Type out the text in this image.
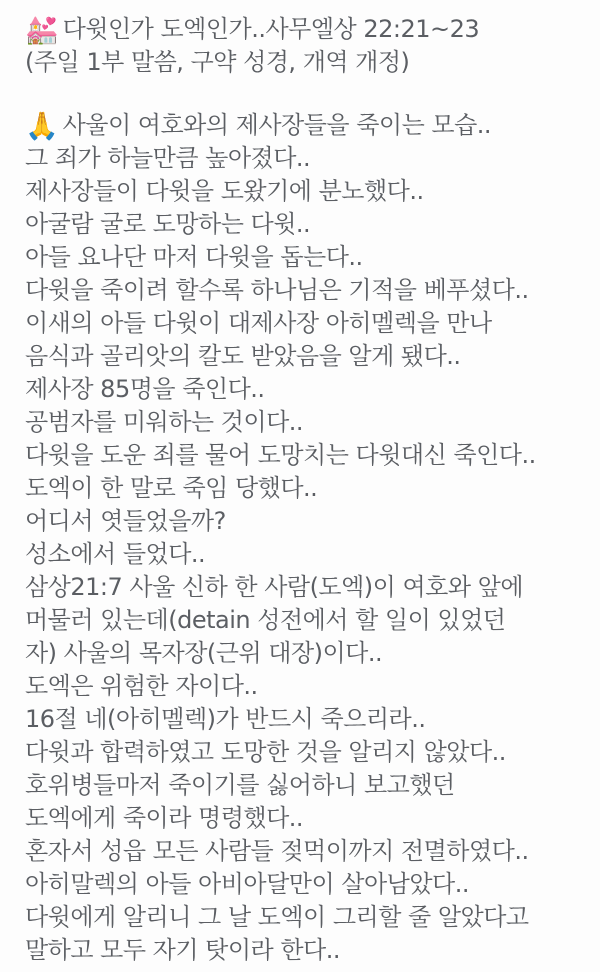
💒 다윗인가 도엑인가..사무엘상 22:21~23
(주일 1부 말씀, 구약 성경, 개역 개정)
🙏 사울이 여호와의 제사장들을 죽이는 모습..
그 죄가 하늘만큼 높아졌다..
제사장들이 다윗을 도왔기에 분노했다..
아굴람 굴로 도망하는 다윗..
아들 요나단 마저 다윗을 돕는다..
다윗을 죽이려 할수록 하나님은 기적을 베푸셨다..
이새의 아들 다윗이 대제사장 아히멜렉을 만나
음식과 골리앗의 칼도 받았음을 알게 됐다..
제사장 85명을 죽인다..
공범자를 미워하는 것이다..
다윗을 도운 죄를 물어 도망치는 다윗대신 죽인다..
도엑이 한 말로 죽임 당했다..
어디서 엿들었을까?
성소에서 들었다..
삼상21:7 사울 신하 한 사람(도엑)이 여호와 앞에
머물러 있는데(detain 성전에서 할 일이 있었던
자) 사울의 목자장(근위 대장)이다..
도엑은 위험한 자이다..
16절 네(아히멜렉)가 반드시 죽으리라..
다윗과 합력하였고 도망한 것을 알리지 않았다..
호위병들마저 죽이기를 싫어하니 보고했던
도엑에게 죽이라 명령했다..
혼자서 성읍 모든 사람들 젖먹이까지 전멸하였다..
아히말렉의 아들 아비아달만이 살아남았다..
다윗에게 알리니 그 날 도엑이 그리할 줄 알았다고
말하고 모두 자기 탓이라 한다..
